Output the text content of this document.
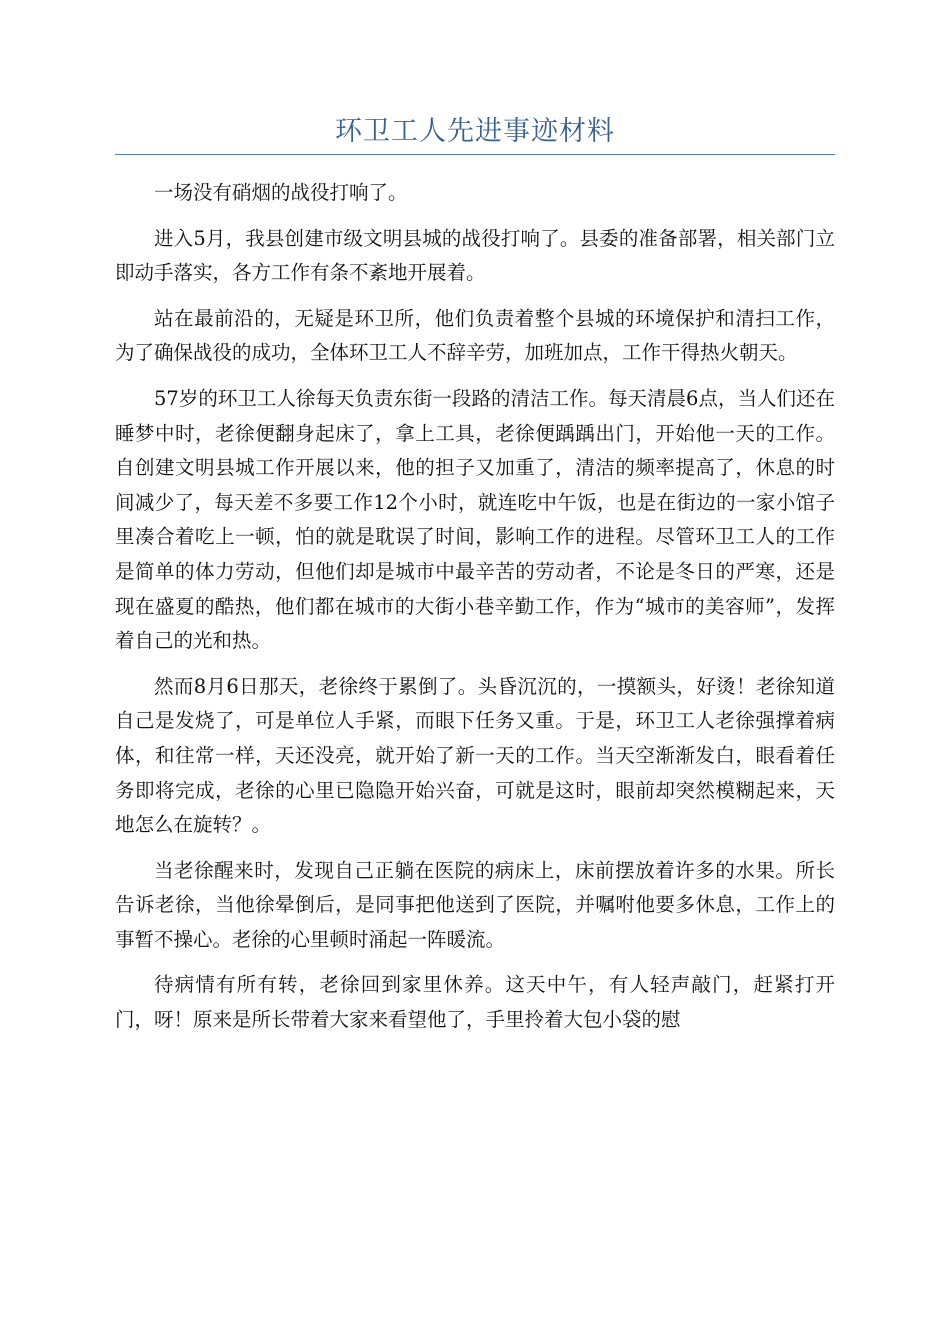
环卫工人先进事迹材料

一场没有硝烟的战役打响了。

进入5月，我县创建市级文明县城的战役打响了。县委的准备部署，相关部门立即动手落实，各方工作有条不紊地开展着。

站在最前沿的，无疑是环卫所，他们负责着整个县城的环境保护和清扫工作，为了确保战役的成功，全体环卫工人不辞辛劳，加班加点，工作干得热火朝天。

57岁的环卫工人徐每天负责东街一段路的清洁工作。每天清晨6点，当人们还在睡梦中时，老徐便翻身起床了，拿上工具，老徐便踽踽出门，开始他一天的工作。自创建文明县城工作开展以来，他的担子又加重了，清洁的频率提高了，休息的时间减少了，每天差不多要工作12个小时，就连吃中午饭，也是在街边的一家小馆子里凑合着吃上一顿，怕的就是耽误了时间，影响工作的进程。尽管环卫工人的工作是简单的体力劳动，但他们却是城市中最辛苦的劳动者，不论是冬日的严寒，还是现在盛夏的酷热，他们都在城市的大街小巷辛勤工作，作为“城市的美容师”，发挥着自己的光和热。

然而8月6日那天，老徐终于累倒了。头昏沉沉的，一摸额头，好烫！老徐知道自己是发烧了，可是单位人手紧，而眼下任务又重。于是，环卫工人老徐强撑着病体，和往常一样，天还没亮，就开始了新一天的工作。当天空渐渐发白，眼看着任务即将完成，老徐的心里已隐隐开始兴奋，可就是这时，眼前却突然模糊起来，天地怎么在旋转？。

当老徐醒来时，发现自己正躺在医院的病床上，床前摆放着许多的水果。所长告诉老徐，当他徐晕倒后，是同事把他送到了医院，并嘱咐他要多休息，工作上的事暂不操心。老徐的心里顿时涌起一阵暖流。

待病情有所有转，老徐回到家里休养。这天中午，有人轻声敲门，赶紧打开门，呀！原来是所长带着大家来看望他了，手里拎着大包小袋的慰
